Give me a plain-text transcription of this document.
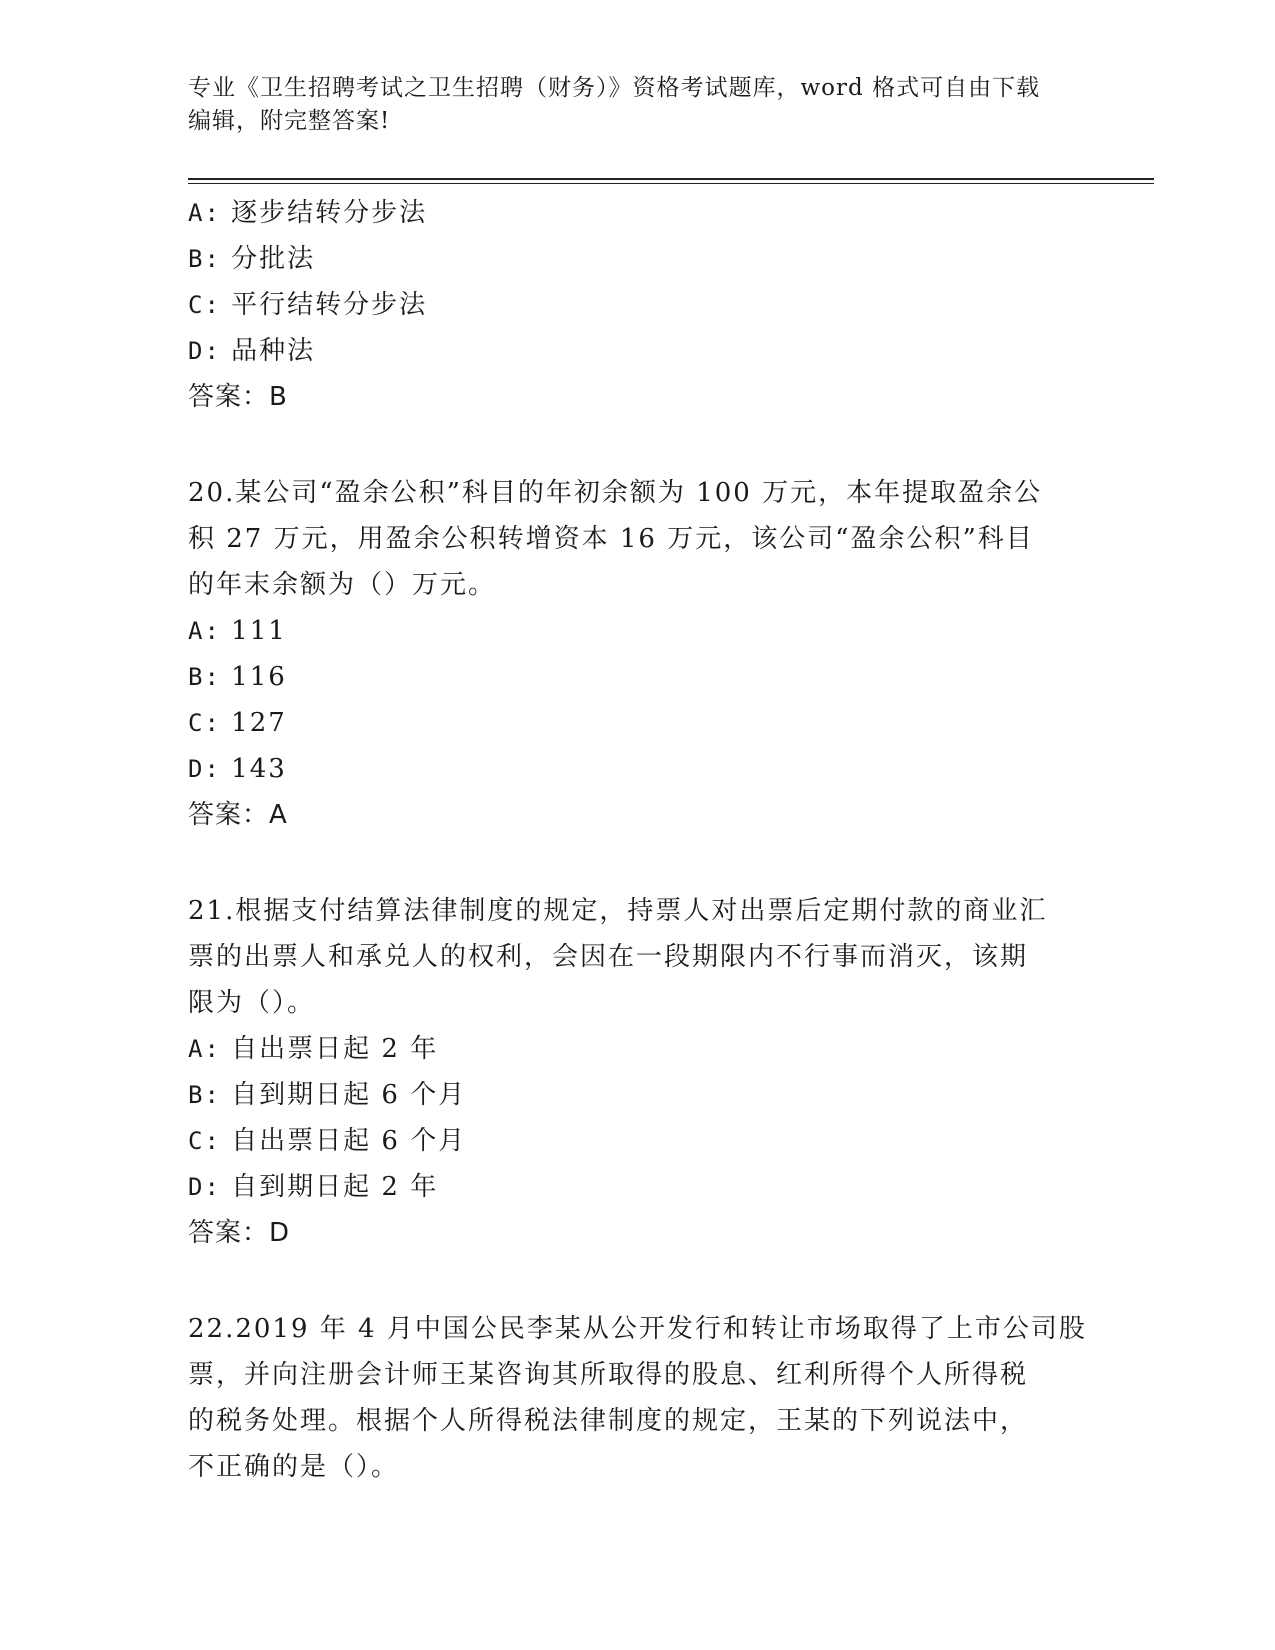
专业《卫生招聘考试之卫生招聘（财务）》资格考试题库，word 格式可自由下载
编辑，附完整答案!
A: 逐步结转分步法
B: 分批法
C: 平行结转分步法
D: 品种法
答案：B
20.某公司“盈余公积”科目的年初余额为 100 万元，本年提取盈余公
积 27 万元，用盈余公积转增资本 16 万元，该公司“盈余公积”科目
的年末余额为（）万元。
A: 111
B: 116
C: 127
D: 143
答案：A
21.根据支付结算法律制度的规定，持票人对出票后定期付款的商业汇
票的出票人和承兑人的权利，会因在一段期限内不行事而消灭，该期
限为（）。
A: 自出票日起 2 年
B: 自到期日起 6 个月
C: 自出票日起 6 个月
D: 自到期日起 2 年
答案：D
22.2019 年 4 月中国公民李某从公开发行和转让市场取得了上市公司股
票，并向注册会计师王某咨询其所取得的股息、红利所得个人所得税
的税务处理。根据个人所得税法律制度的规定，王某的下列说法中，
不正确的是（）。
